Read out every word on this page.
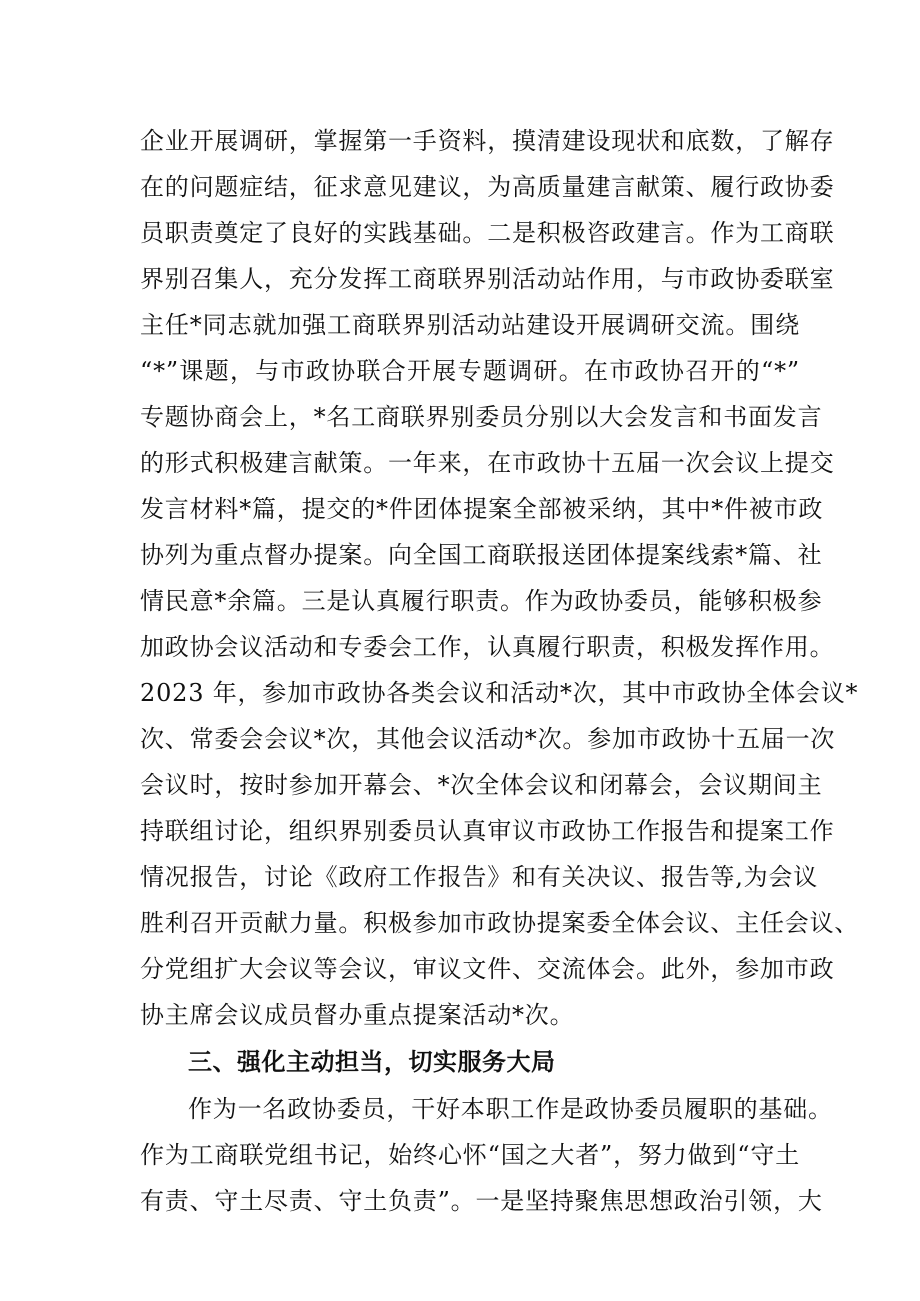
企业开展调研，掌握第一手资料，摸清建设现状和底数，了解存
在的问题症结，征求意见建议，为高质量建言献策、履行政协委
员职责奠定了良好的实践基础。二是积极咨政建言。作为工商联
界别召集人，充分发挥工商联界别活动站作用，与市政协委联室
主任*同志就加强工商联界别活动站建设开展调研交流。围绕
“*”课题，与市政协联合开展专题调研。在市政协召开的“*”
专题协商会上，*名工商联界别委员分别以大会发言和书面发言
的形式积极建言献策。一年来，在市政协十五届一次会议上提交
发言材料*篇，提交的*件团体提案全部被采纳，其中*件被市政
协列为重点督办提案。向全国工商联报送团体提案线索*篇、社
情民意*余篇。三是认真履行职责。作为政协委员，能够积极参
加政协会议活动和专委会工作，认真履行职责，积极发挥作用。
2023 年，参加市政协各类会议和活动*次，其中市政协全体会议*
次、常委会会议*次，其他会议活动*次。参加市政协十五届一次
会议时，按时参加开幕会、*次全体会议和闭幕会，会议期间主
持联组讨论，组织界别委员认真审议市政协工作报告和提案工作
情况报告，讨论《政府工作报告》和有关决议、报告等,为会议
胜利召开贡献力量。积极参加市政协提案委全体会议、主任会议、
分党组扩大会议等会议，审议文件、交流体会。此外，参加市政
协主席会议成员督办重点提案活动*次。
三、强化主动担当，切实服务大局
作为一名政协委员，干好本职工作是政协委员履职的基础。
作为工商联党组书记，始终心怀“国之大者”，努力做到“守土
有责、守土尽责、守土负责”。一是坚持聚焦思想政治引领，大
